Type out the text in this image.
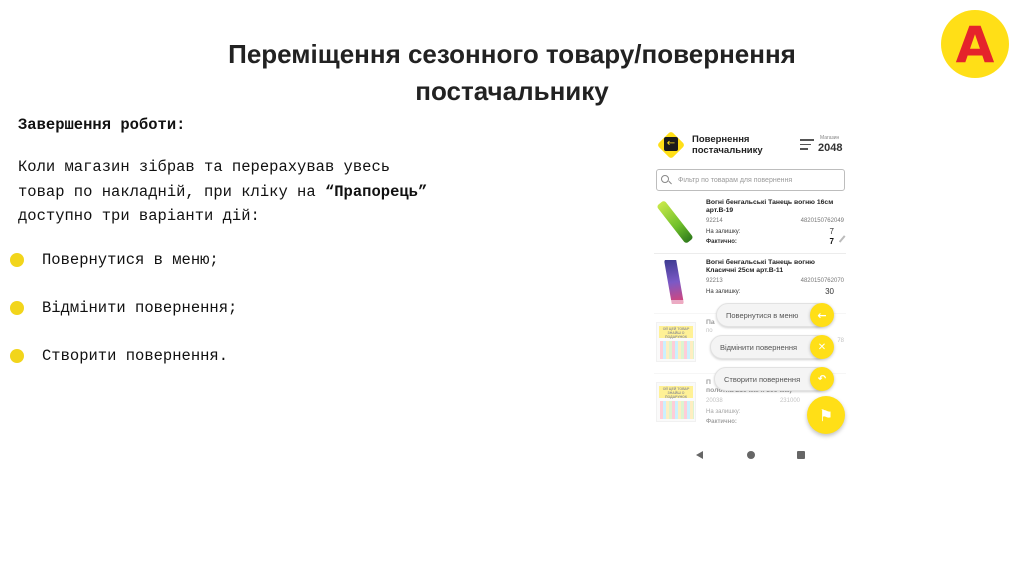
A
Переміщення сезонного товару/повернення
постачальнику
Завершення роботи:
Коли магазин зібрав та перерахував увесь
товар по накладній, при кліку на “Прапорець”
доступно три варіанти дій:
Повернутися в меню;
Відмінити повернення;
Створити повернення.
← Повернення
постачальнику
Магазин
2048
Фільтр по товарам для повернення
Вогні бенгальські Танець вогню 16см арт.В-19
92214	4820150762049
На залишку:	7
Фактично:	7
Вогні бенгальські Танець вогню Класичні 25см арт.В-11
92213	4820150762070
На залишку:	30
Повернутися в меню	←
Відмінити повернення	✕
Створити повернення	↶
⚑
